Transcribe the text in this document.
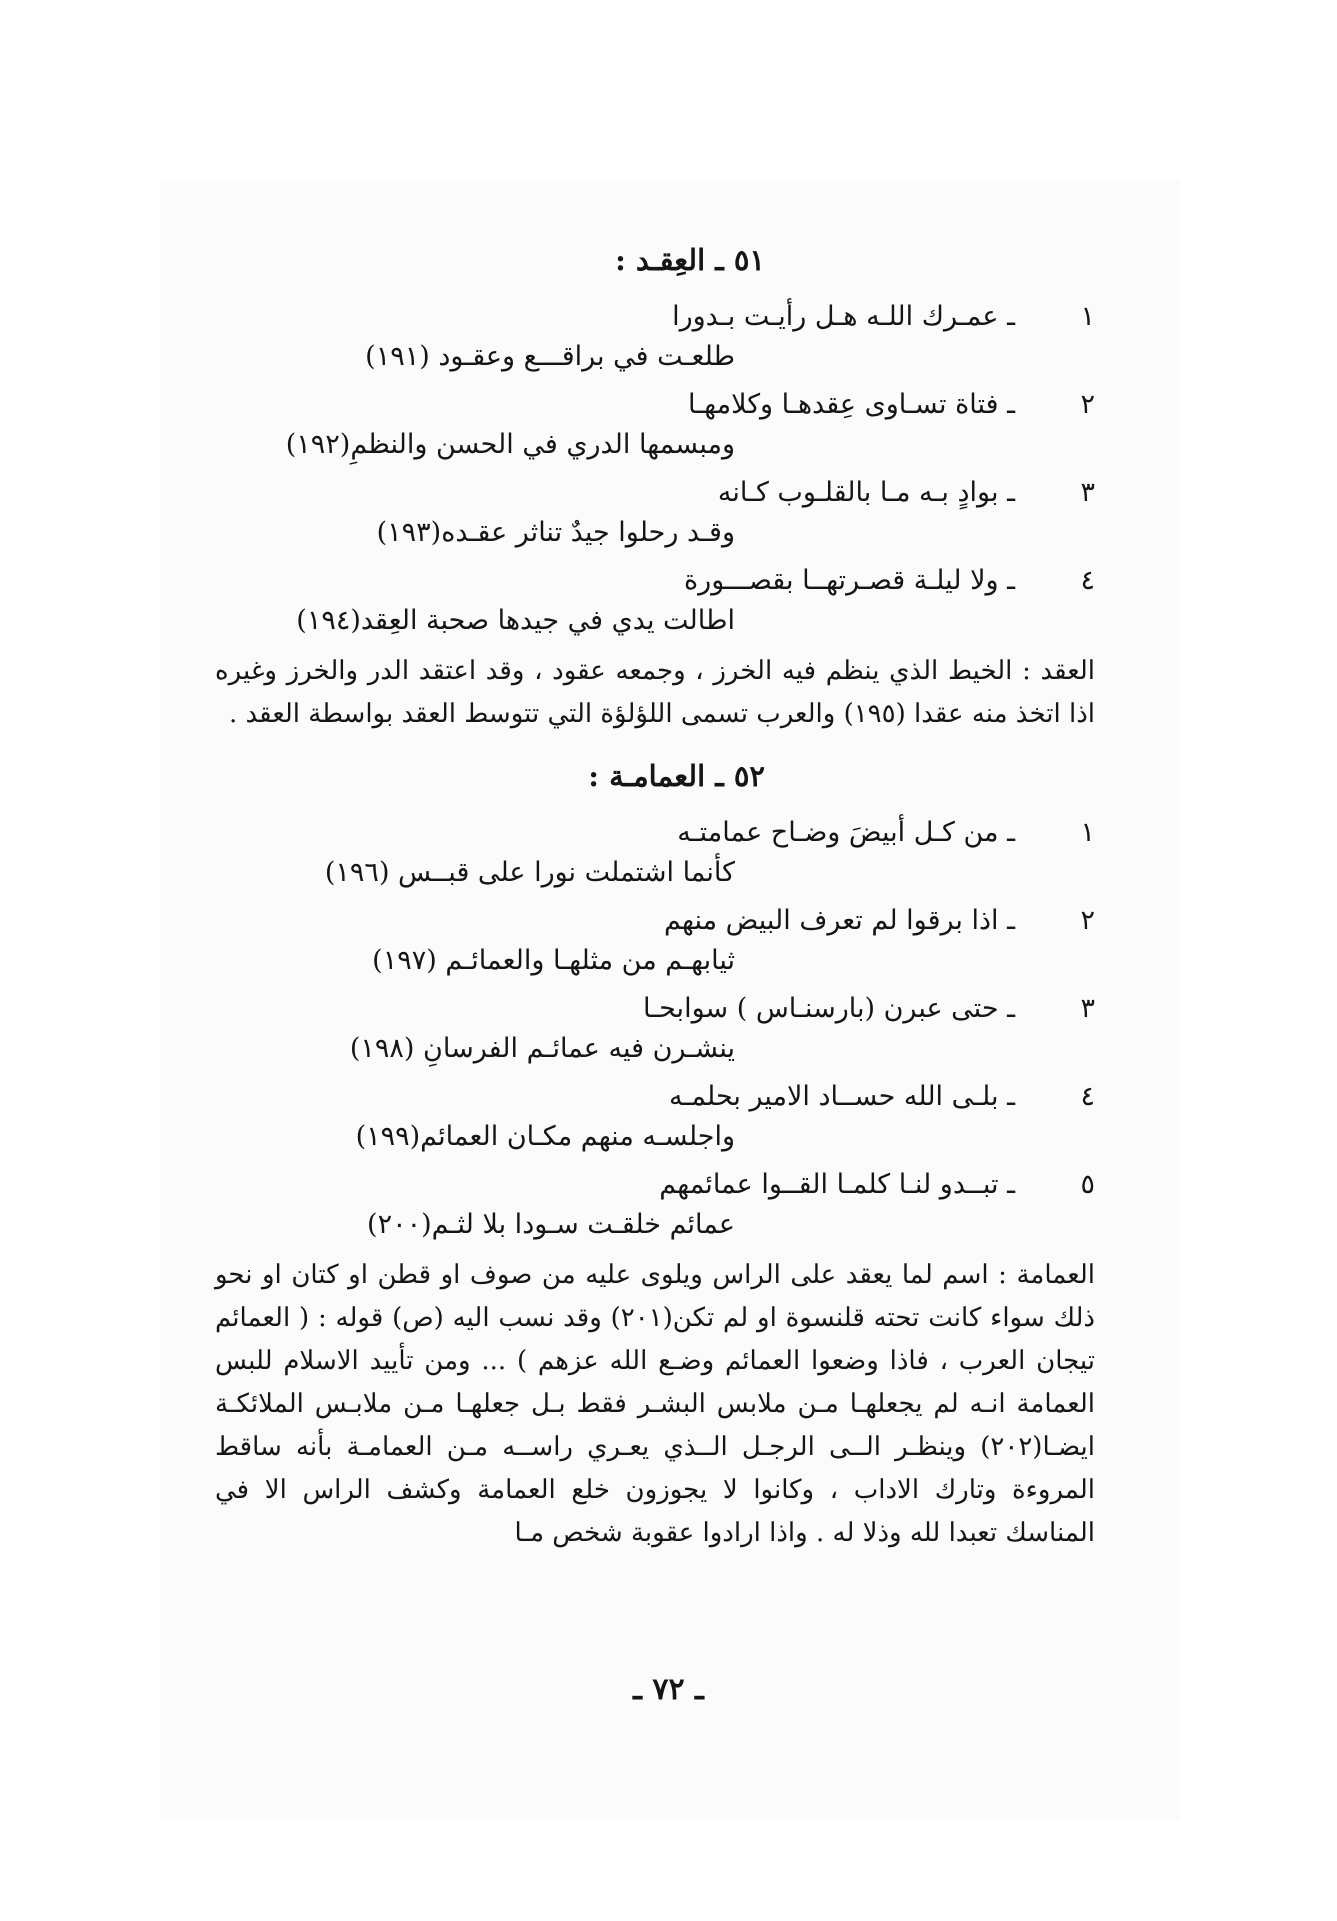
٥١ ـ العِقـد :
١
ـ عمـرك اللـه هـل رأيـت بـدورا
طلعـت في براقـــع وعقـود (١٩١)
٢
ـ فتاة تسـاوى عِقدهـا وكلامهـا
ومبسمها الدري في الحسن والنظمِ(١٩٢)
٣
ـ بوادٍ بـه مـا بالقلـوب كـانه
وقـد رحلوا جيدٌ تناثر عقـده(١٩٣)
٤
ـ ولا ليلـة قصـرتهــا بقصـــورة
اطالت يدي في جيدها صحبة العِقد(١٩٤)

العقد : الخيط الذي ينظم فيه الخرز ، وجمعه عقود ، وقد اعتقد الدر والخرز وغيره اذا اتخذ منه عقدا (١٩٥) والعرب تسمى اللؤلؤة التي تتوسط العقد بواسطة العقد .

٥٢ ـ العمامـة :
١
ـ من كـل أبيضَ وضـاح عمامتـه
كأنما اشتملت نورا على قبــس (١٩٦)
٢
ـ اذا برقوا لم تعرف البيض منهم
ثيابهـم من مثلهـا والعمائـم (١٩٧)
٣
ـ حتى عبرن (بارسنـاس ) سوابحـا
ينشـرن فيه عمائـم الفرسانِ (١٩٨)
٤
ـ بلـى الله حســاد الامير بحلمـه
واجلسـه منهم مكـان العمائم(١٩٩)
٥
ـ تبــدو لنـا كلمـا القــوا عمائمهم
عمائم خلقـت سـودا بلا لثـم(٢٠٠)

العمامة : اسم لما يعقد على الراس ويلوى عليه من صوف او قطن او كتان او نحو ذلك سواء كانت تحته قلنسوة او لم تكن(٢٠١) وقد نسب اليه (ص) قوله : ( العمائم تيجان العرب ، فاذا وضعوا العمائم وضـع الله عزهم ) ... ومن تأييد الاسلام للبس العمامة انـه لم يجعلهـا مـن ملابس البشـر فقط بـل جعلهـا مـن ملابـس الملائكـة ايضـا(٢٠٢) وينظـر الــى الرجـل الــذي يعـري راســه مـن العمامـة بأنه ساقط المروءة وتارك الاداب ، وكانوا لا يجوزون خلع العمامة وكشف الراس الا في المناسك تعبدا لله وذلا له . واذا ارادوا عقوبة شخص مـا

ـ ٧٢ ـ
